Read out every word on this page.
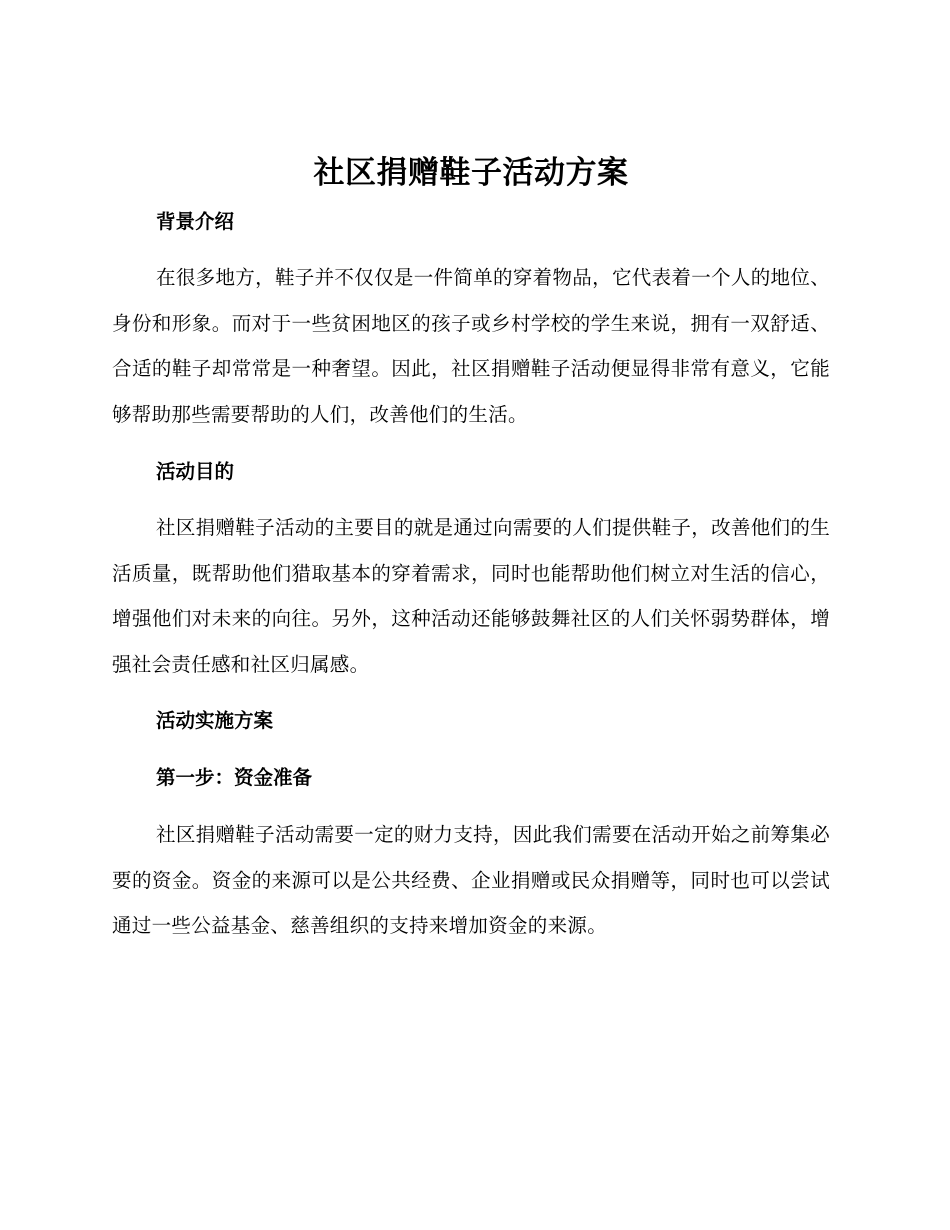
社区捐赠鞋子活动方案
背景介绍

在很多地方，鞋子并不仅仅是一件简单的穿着物品，它代表着一个人的地位、身份和形象。而对于一些贫困地区的孩子或乡村学校的学生来说，拥有一双舒适、合适的鞋子却常常是一种奢望。因此，社区捐赠鞋子活动便显得非常有意义，它能够帮助那些需要帮助的人们，改善他们的生活。

活动目的

社区捐赠鞋子活动的主要目的就是通过向需要的人们提供鞋子，改善他们的生活质量，既帮助他们猎取基本的穿着需求，同时也能帮助他们树立对生活的信心，增强他们对未来的向往。另外，这种活动还能够鼓舞社区的人们关怀弱势群体，增强社会责任感和社区归属感。

活动实施方案
第一步：资金准备

社区捐赠鞋子活动需要一定的财力支持，因此我们需要在活动开始之前筹集必要的资金。资金的来源可以是公共经费、企业捐赠或民众捐赠等，同时也可以尝试通过一些公益基金、慈善组织的支持来增加资金的来源。
